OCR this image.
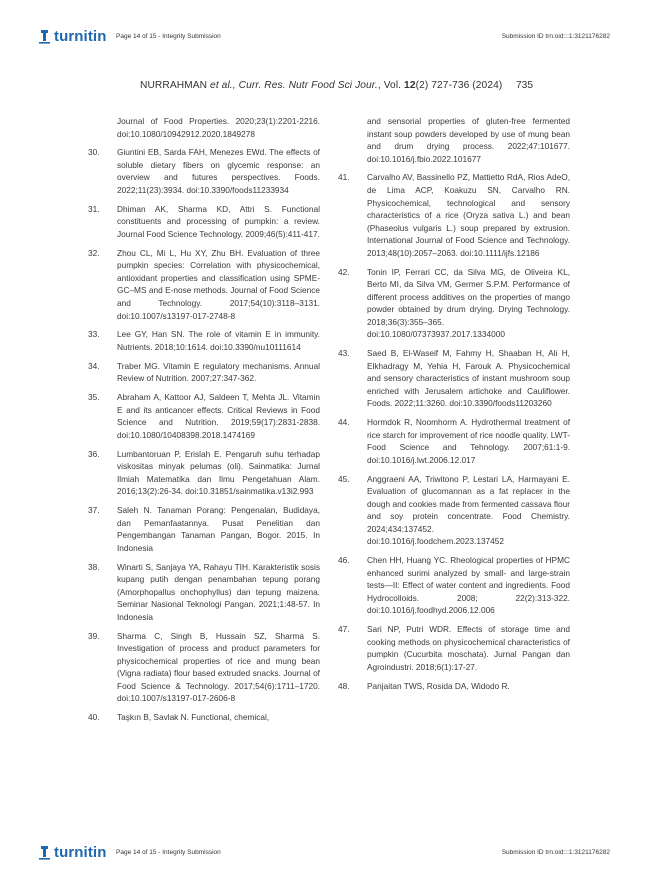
turnitin Page 14 of 15 - Integrity Submission	Submission ID trn:oid:::1:3121176282
NURRAHMAN et al., Curr. Res. Nutr Food Sci Jour., Vol. 12(2) 727-736 (2024)	735
Journal of Food Properties. 2020;23(1):2201-2216. doi:10.1080/10942912.2020.1849278
30.	Giuntini EB, Sarda FAH, Menezes EWd. The effects of soluble dietary fibers on glycemic response: an overview and futures perspectives. Foods. 2022;11(23):3934. doi:10.3390/foods11233934
31.	Dhiman AK, Sharma KD, Attri S. Functional constituents and processing of pumpkin: a review. Journal Food Science Technology. 2009;46(5):411-417.
32.	Zhou CL, Mi L, Hu XY, Zhu BH. Evaluation of three pumpkin species: Correlation with physicochemical, antioxidant properties and classification using SPME-GC–MS and E-nose methods. Journal of Food Science and Technology. 2017;54(10):3118–3131. doi:10.1007/s13197-017-2748-8
33.	Lee GY, Han SN. The role of vitamin E in immunity. Nutrients. 2018;10:1614. doi:10.3390/nu10111614
34.	Traber MG. Vitamin E regulatory mechanisms. Annual Review of Nutrition. 2007;27:347-362.
35.	Abraham A, Kattoor AJ, Saldeen T, Mehta JL. Vitamin E and its anticancer effects. Critical Reviews in Food Science and Nutrition. 2019;59(17):2831-2838. doi:10.1080/10408398.2018.1474169
36.	Lumbantoruan P, Erislah E. Pengaruh suhu terhadap viskositas minyak pelumas (oli). Sainmatika: Jurnal Ilmiah Matematika dan Ilmu Pengetahuan Alam. 2016;13(2):26-34. doi:10.31851/sainmatika.v13i2.993
37.	Saleh N. Tanaman Porang: Pengenalan, Budidaya, dan Pemanfaatannya. Pusat Penelitian dan Pengembangan Tanaman Pangan, Bogor. 2015. In Indonesia
38.	Winarti S, Sanjaya YA, Rahayu TIH. Karakteristik sosis kupang putih dengan penambahan tepung porang (Amorphopallus onchophyllus) dan tepung maizena. Seminar Nasional Teknologi Pangan. 2021;1:48-57. In Indonesia
39.	Sharma C, Singh B, Hussain SZ, Sharma S. Investigation of process and product parameters for physicochemical properties of rice and mung bean (Vigna radiata) flour based extruded snacks. Journal of Food Science & Technology. 2017;54(6):1711–1720. doi:10.1007/s13197-017-2606-8
40.	Taşkın B, Savlak N. Functional, chemical,
and sensorial properties of gluten-free fermented instant soup powders developed by use of mung bean and drum drying process. 2022;47:101677. doi:10.1016/j.fbio.2022.101677
41.	Carvalho AV, Bassinello PZ, Mattietto RdA, Rios AdeO, de Lima ACP, Koakuzu SN, Carvalho RN. Physicochemical, technological and sensory characteristics of a rice (Oryza sativa L.) and bean (Phaseolus vulgaris L.) soup prepared by extrusion. International Journal of Food Science and Technology. 2013;48(10):2057–2063. doi:10.1111/ijfs.12186
42.	Tonin IP, Ferrari CC, da Silva MG, de Oliveira KL, Berto MI, da Silva VM, Germer S.P.M. Performance of different process additives on the properties of mango powder obtained by drum drying. Drying Technology. 2018;36(3):355–365. doi:10.1080/07373937.2017.1334000
43.	Saed B, El-Waseif M, Fahmy H, Shaaban H, Ali H, Elkhadragy M, Yehia H, Farouk A. Physicochemical and sensory characteristics of instant mushroom soup enriched with Jerusalem artichoke and Cauliflower. Foods. 2022;11:3260. doi:10.3390/foods11203260
44.	Hormdok R, Noomhorm A. Hydrothermal treatment of rice starch for improvement of rice noodle quality. LWT-Food Science and Tehnology. 2007;61:1-9. doi:10.1016/j.lwt.2006.12.017
45.	Anggraeni AA, Triwitono P, Lestari LA, Harmayani E. Evaluation of glucomannan as a fat replacer in the dough and cookies made from fermented cassava flour and soy protein concentrate. Food Chemistry. 2024;434:137452. doi:10.1016/j.foodchem.2023.137452
46.	Chen HH, Huang YC. Rheological properties of HPMC enhanced surimi analyzed by small- and large-strain tests—II: Effect of water content and ingredients. Food Hydrocolloids. 2008; 22(2):313-322. doi:10.1016/j.foodhyd.2006.12.006
47.	Sari NP, Putri WDR. Effects of storage time and cooking methods on physicochemical characteristics of pumpkin (Cucurbita moschata). Jurnal Pangan dan Agroindustri. 2018;6(1):17-27.
48.	Panjaitan TWS, Rosida DA, Widodo R.
turnitin Page 14 of 15 - Integrity Submission	Submission ID trn:oid:::1:3121176282
